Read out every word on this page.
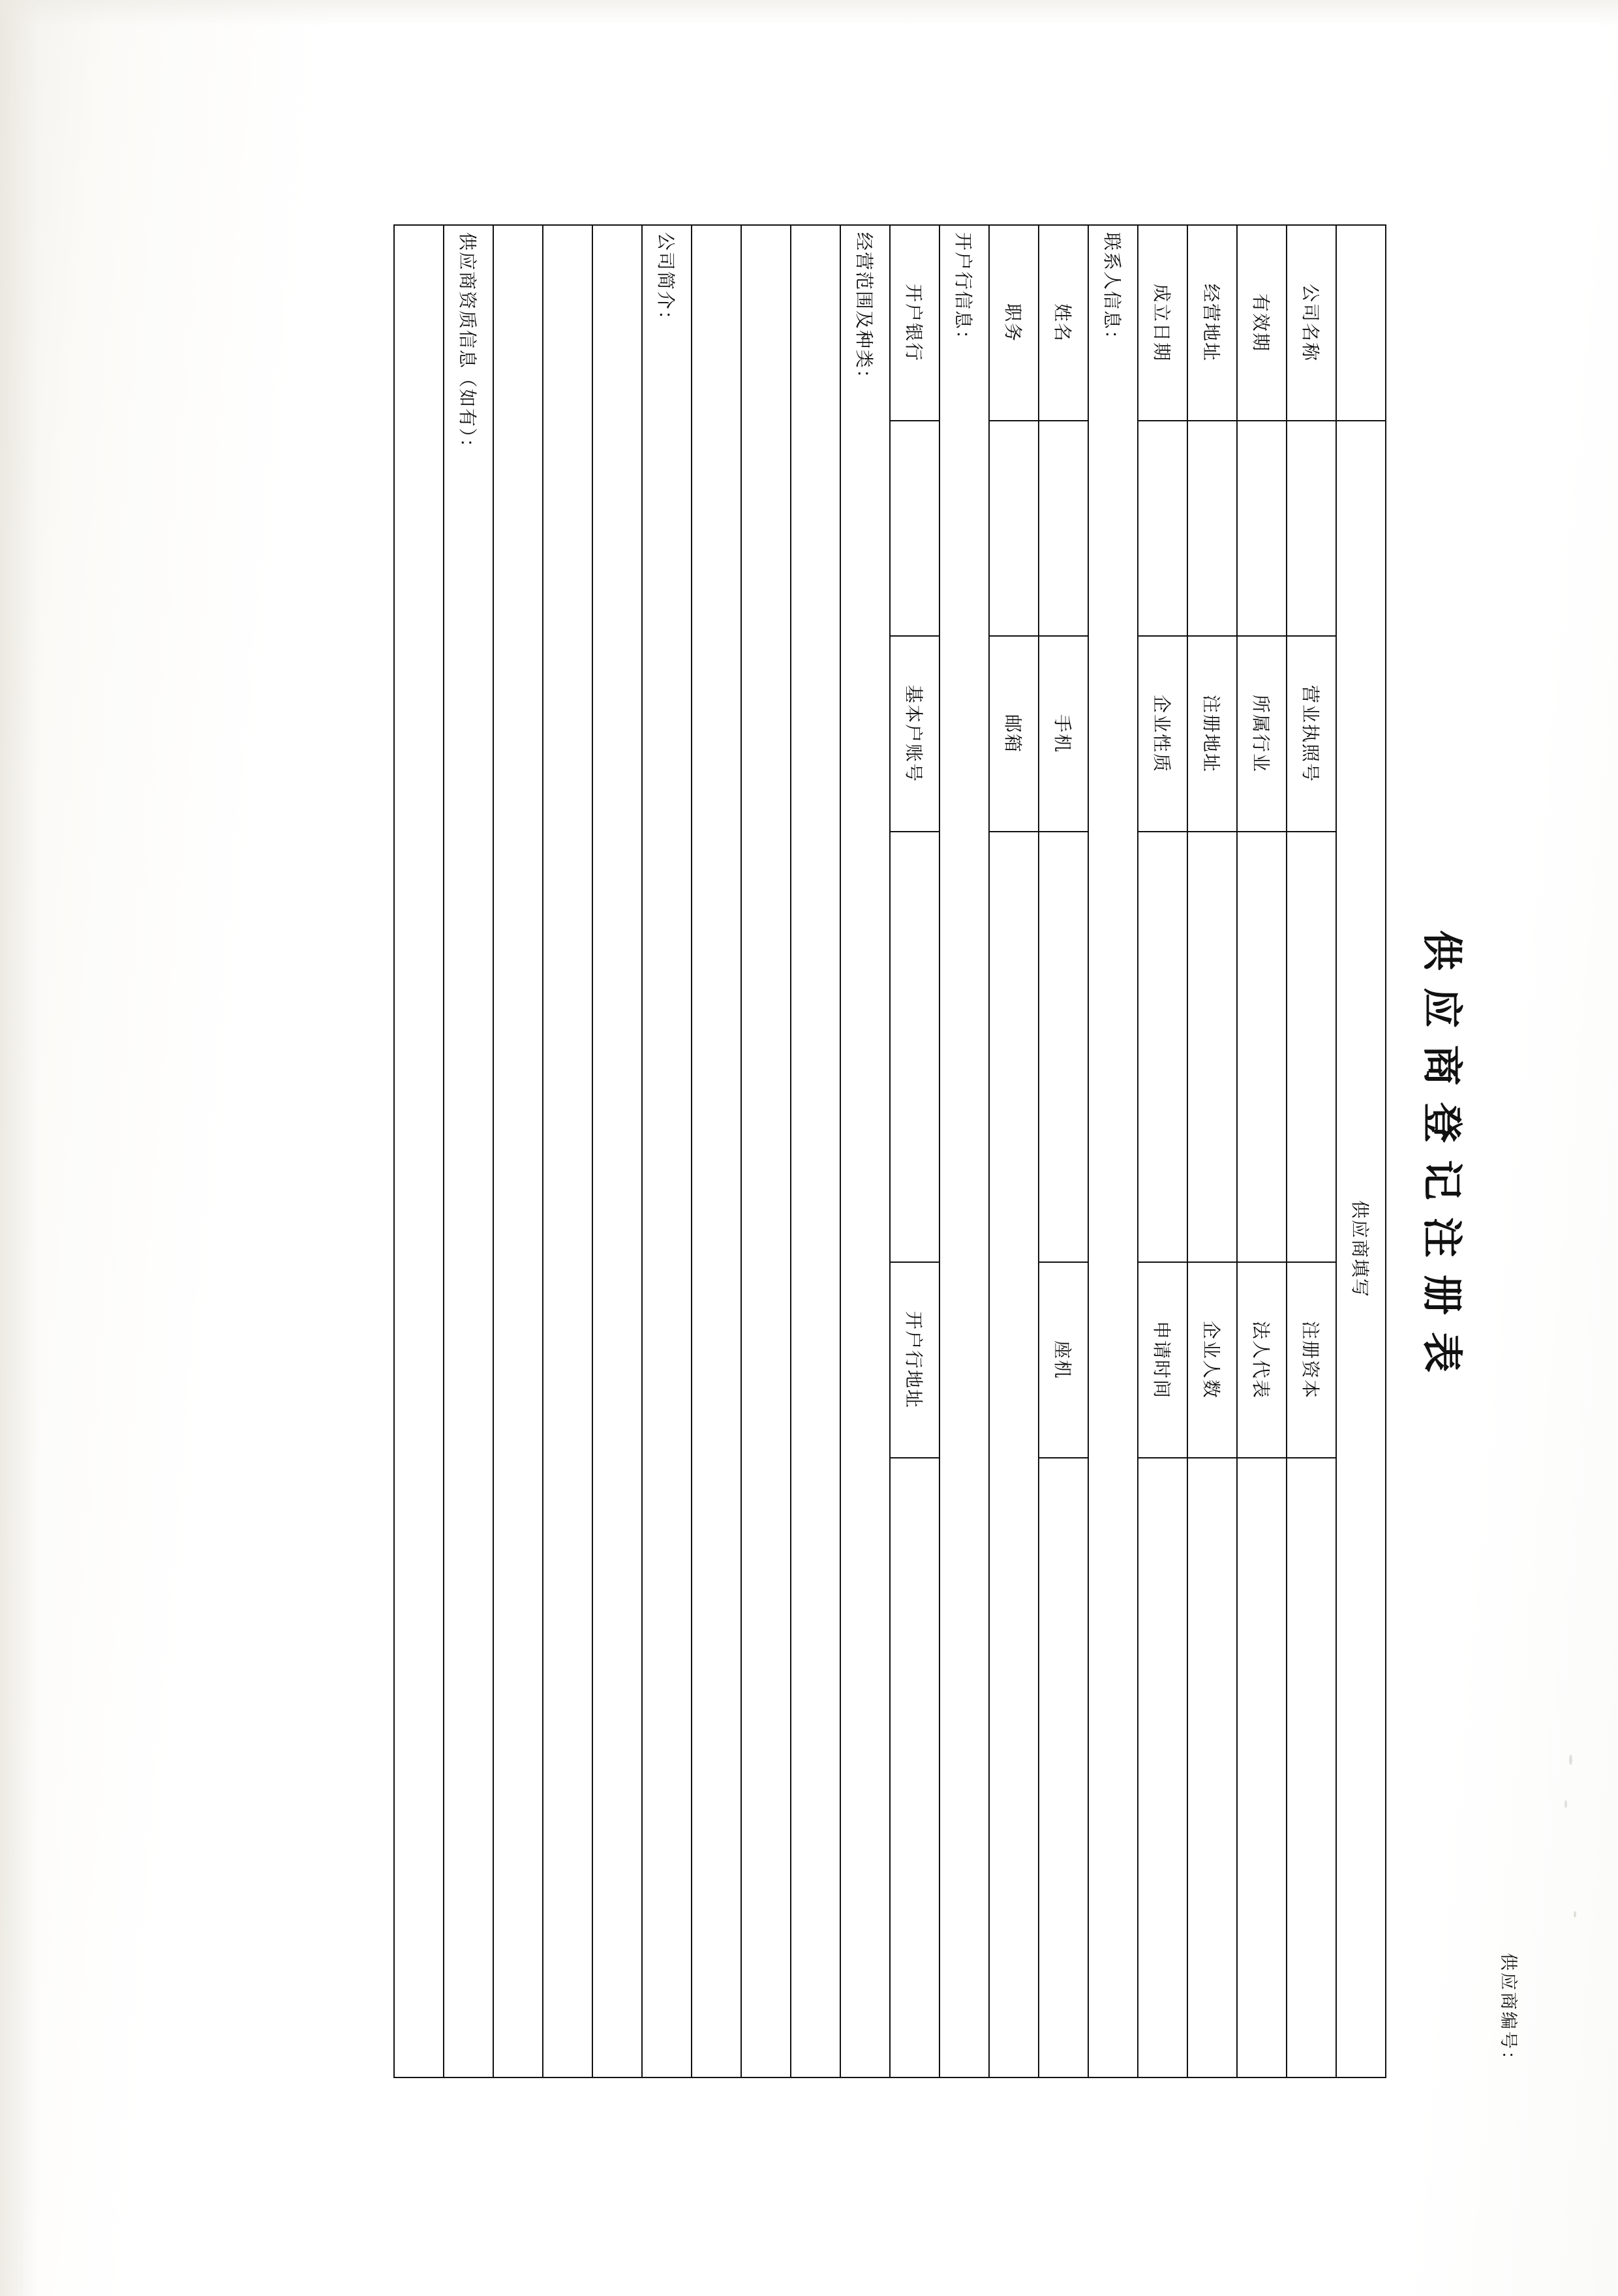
供应商编号：
供应商登记注册表
	供应商填写				
公司名称		营业执照号		注册资本	
有效期		所属行业		法人代表	
经营地址		注册地址		企业人数	
成立日期		企业性质		申请时间	
联系人信息：					
姓名		手机		座机	
职务		邮箱			
开户行信息：					
开户银行		基本户账号		开户行地址	
经营范围及种类：					

公司简介：					

供应商资质信息（如有）：					
